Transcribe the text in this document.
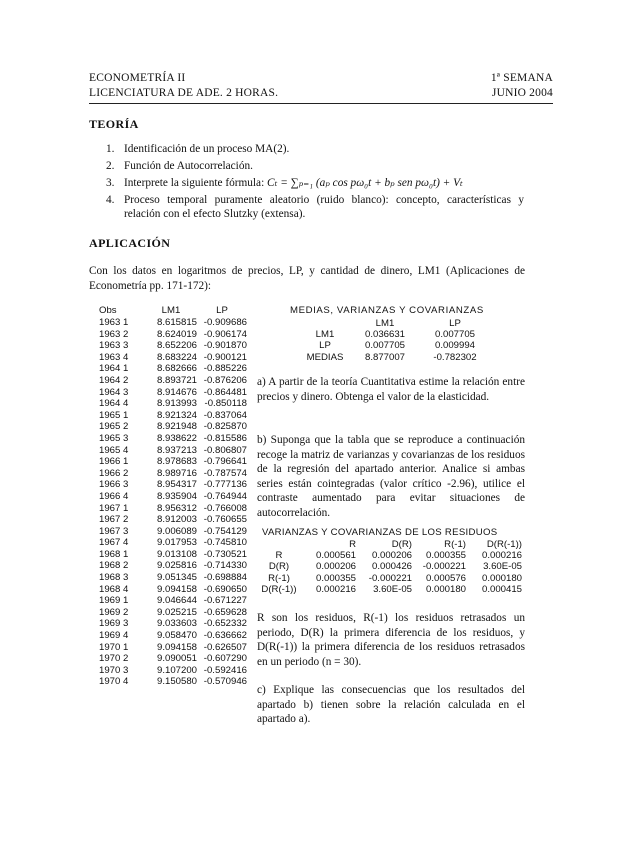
ECONOMETRÍA II
LICENCIATURA DE ADE. 2 HORAS.
1ª SEMANA
JUNIO 2004
TEORÍA
1. Identificación de un proceso MA(2).
2. Función de Autocorrelación.
3. Interprete la siguiente fórmula: Cₜ = ∑ₚ₌₁ (aₚ cos pω₀t + bₚ sen pω₀t) + Vₜ
4. Proceso temporal puramente aleatorio (ruido blanco): concepto, características y relación con el efecto Slutzky (extensa).
APLICACIÓN
Con los datos en logaritmos de precios, LP, y cantidad de dinero, LM1 (Aplicaciones de Econometría pp. 171-172):
Obs	LM1	LP
1963 1	8.615815	-0.909686
1963 2	8.624019	-0.906174
1963 3	8.652206	-0.901870
1963 4	8.683224	-0.900121
1964 1	8.682666	-0.885226
1964 2	8.893721	-0.876206
1964 3	8.914676	-0.864481
1964 4	8.913993	-0.850118
1965 1	8.921324	-0.837064
1965 2	8.921948	-0.825870
1965 3	8.938622	-0.815586
1965 4	8.937213	-0.806807
1966 1	8.978683	-0.796641
1966 2	8.989716	-0.787574
1966 3	8.954317	-0.777136
1966 4	8.935904	-0.764944
1967 1	8.956312	-0.766008
1967 2	8.912003	-0.760655
1967 3	9.006089	-0.754129
1967 4	9.017953	-0.745810
1968 1	9.013108	-0.730521
1968 2	9.025816	-0.714330
1968 3	9.051345	-0.698884
1968 4	9.094158	-0.690650
1969 1	9.046644	-0.671227
1969 2	9.025215	-0.659628
1969 3	9.033603	-0.652332
1969 4	9.058470	-0.636662
1970 1	9.094158	-0.626507
1970 2	9.090051	-0.607290
1970 3	9.107200	-0.592416
1970 4	9.150580	-0.570946
MEDIAS, VARIANZAS Y COVARIANZAS
	LM1	LP
LM1	0.036631	0.007705
LP	0.007705	0.009994
MEDIAS	8.877007	-0.782302
a) A partir de la teoría Cuantitativa estime la relación entre precios y dinero. Obtenga el valor de la elasticidad.
b) Suponga que la tabla que se reproduce a continuación recoge la matriz de varianzas y covarianzas de los residuos de la regresión del apartado anterior. Analice si ambas series están cointegradas (valor crítico -2.96), utilice el contraste aumentado para evitar situaciones de autocorrelación.
VARIANZAS Y COVARIANZAS DE LOS RESIDUOS
	R	D(R)	R(-1)	D(R(-1))
R	0.000561	0.000206	0.000355	0.000216
D(R)	0.000206	0.000426	-0.000221	3.60E-05
R(-1)	0.000355	-0.000221	0.000576	0.000180
D(R(-1))	0.000216	3.60E-05	0.000180	0.000415
R son los residuos, R(-1) los residuos retrasados un periodo, D(R) la primera diferencia de los residuos, y D(R(-1)) la primera diferencia de los residuos retrasados en un periodo (n = 30).
c) Explique las consecuencias que los resultados del apartado b) tienen sobre la relación calculada en el apartado a).
